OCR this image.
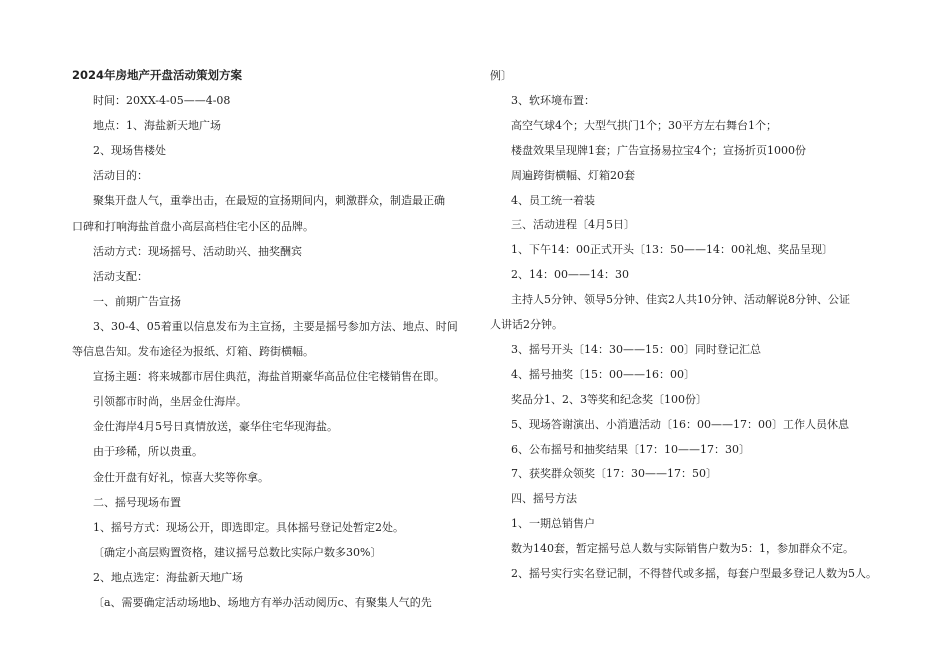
2024年房地产开盘活动策划方案
时间：20XX-4-05——4-08
地点：1、海盐新天地广场
2、现场售楼处
活动目的：
聚集开盘人气，重拳出击，在最短的宣扬期间内，刺激群众，制造最正确
口碑和打响海盐首盘小高层高档住宅小区的品牌。
活动方式：现场摇号、活动助兴、抽奖酬宾
活动支配：
一、前期广告宣扬
3、30-4、05着重以信息发布为主宣扬，主要是摇号参加方法、地点、时间
等信息告知。发布途径为报纸、灯箱、跨街横幅。
宣扬主题：将来城都市居住典范，海盐首期豪华高品位住宅楼销售在即。
引领都市时尚，坐居金仕海岸。
金仕海岸4月5号日真情放送，豪华住宅华现海盐。
由于珍稀，所以贵重。
金仕开盘有好礼，惊喜大奖等你拿。
二、摇号现场布置
1、摇号方式：现场公开，即选即定。具体摇号登记处暂定2处。
〔确定小高层购置资格，建议摇号总数比实际户数多30%〕
2、地点选定：海盐新天地广场
〔a、需要确定活动场地b、场地方有举办活动阅历c、有聚集人气的先
例〕
3、软环境布置：
高空气球4个；大型气拱门1个；30平方左右舞台1个；
楼盘效果呈现牌1套；广告宣扬易拉宝4个；宣扬折页1000份
周遍跨街横幅、灯箱20套
4、员工统一着装
三、活动进程〔4月5日〕
1、下午14：00正式开头〔13：50——14：00礼炮、奖品呈现〕
2、14：00——14：30
主持人5分钟、领导5分钟、佳宾2人共10分钟、活动解说8分钟、公证
人讲话2分钟。
3、摇号开头〔14：30——15：00〕同时登记汇总
4、摇号抽奖〔15：00——16：00〕
奖品分1、2、3等奖和纪念奖〔100份〕
5、现场答谢演出、小消遣活动〔16：00——17：00〕工作人员休息
6、公布摇号和抽奖结果〔17：10——17：30〕
7、获奖群众领奖〔17：30——17：50〕
四、摇号方法
1、一期总销售户
数为140套，暂定摇号总人数与实际销售户数为5：1，参加群众不定。
2、摇号实行实名登记制，不得替代或多摇，每套户型最多登记人数为5人。
